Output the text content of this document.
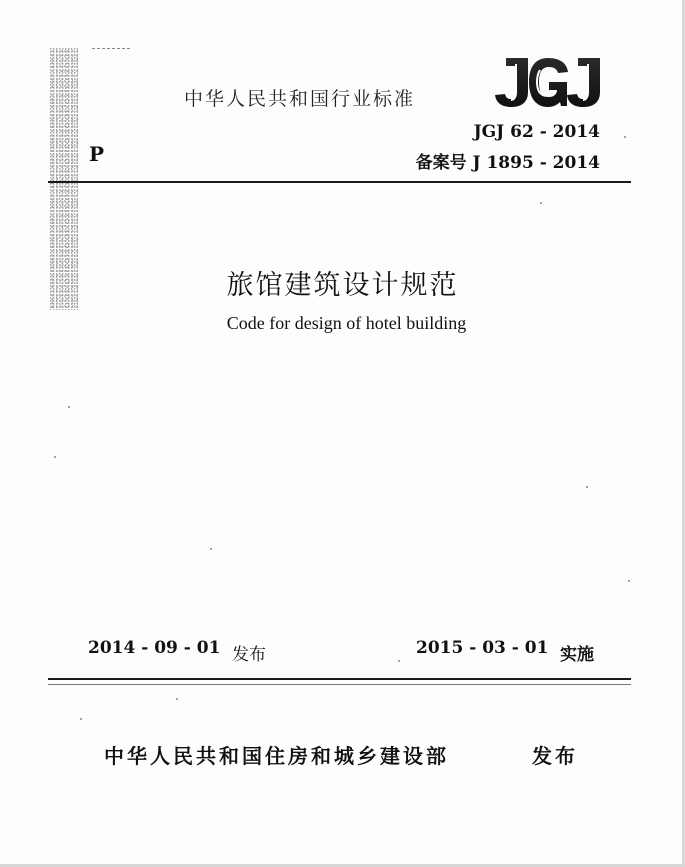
中华人民共和国行业标准
JGJ
P
JGJ 62 - 2014
备案号 J 1895 - 2014
旅馆建筑设计规范
Code for design of hotel building
2014 - 09 - 01 发布	2015 - 03 - 01 实施
中华人民共和国住房和城乡建设部	发布
